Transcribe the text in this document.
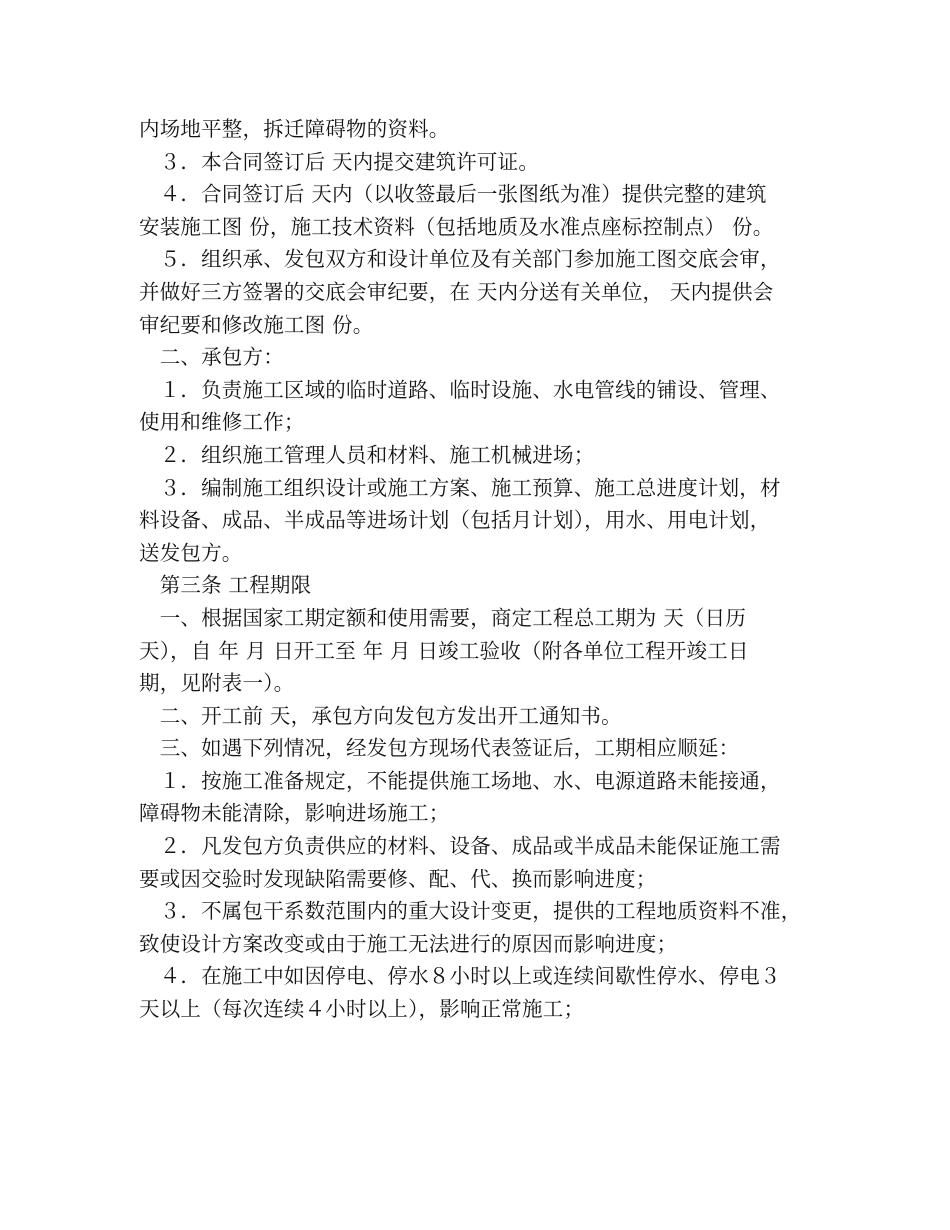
内场地平整，拆迁障碍物的资料。
　３．本合同签订后 天内提交建筑许可证。
　４．合同签订后 天内（以收签最后一张图纸为准）提供完整的建筑
安装施工图 份，施工技术资料（包括地质及水准点座标控制点） 份。
　５．组织承、发包双方和设计单位及有关部门参加施工图交底会审，
并做好三方签署的交底会审纪要，在 天内分送有关单位， 天内提供会
审纪要和修改施工图 份。
　二、承包方：
　１．负责施工区域的临时道路、临时设施、水电管线的铺设、管理、
使用和维修工作；
　２．组织施工管理人员和材料、施工机械进场；
　３．编制施工组织设计或施工方案、施工预算、施工总进度计划，材
料设备、成品、半成品等进场计划（包括月计划），用水、用电计划，
送发包方。
　第三条 工程期限
　一、根据国家工期定额和使用需要，商定工程总工期为 天（日历
天），自 年 月 日开工至 年 月 日竣工验收（附各单位工程开竣工日
期，见附表一）。
　二、开工前 天，承包方向发包方发出开工通知书。
　三、如遇下列情况，经发包方现场代表签证后，工期相应顺延：
　１．按施工准备规定，不能提供施工场地、水、电源道路未能接通，
障碍物未能清除，影响进场施工；
　２．凡发包方负责供应的材料、设备、成品或半成品未能保证施工需
要或因交验时发现缺陷需要修、配、代、换而影响进度；
　３．不属包干系数范围内的重大设计变更，提供的工程地质资料不准，
致使设计方案改变或由于施工无法进行的原因而影响进度；
　４．在施工中如因停电、停水８小时以上或连续间歇性停水、停电３
天以上（每次连续４小时以上），影响正常施工；
